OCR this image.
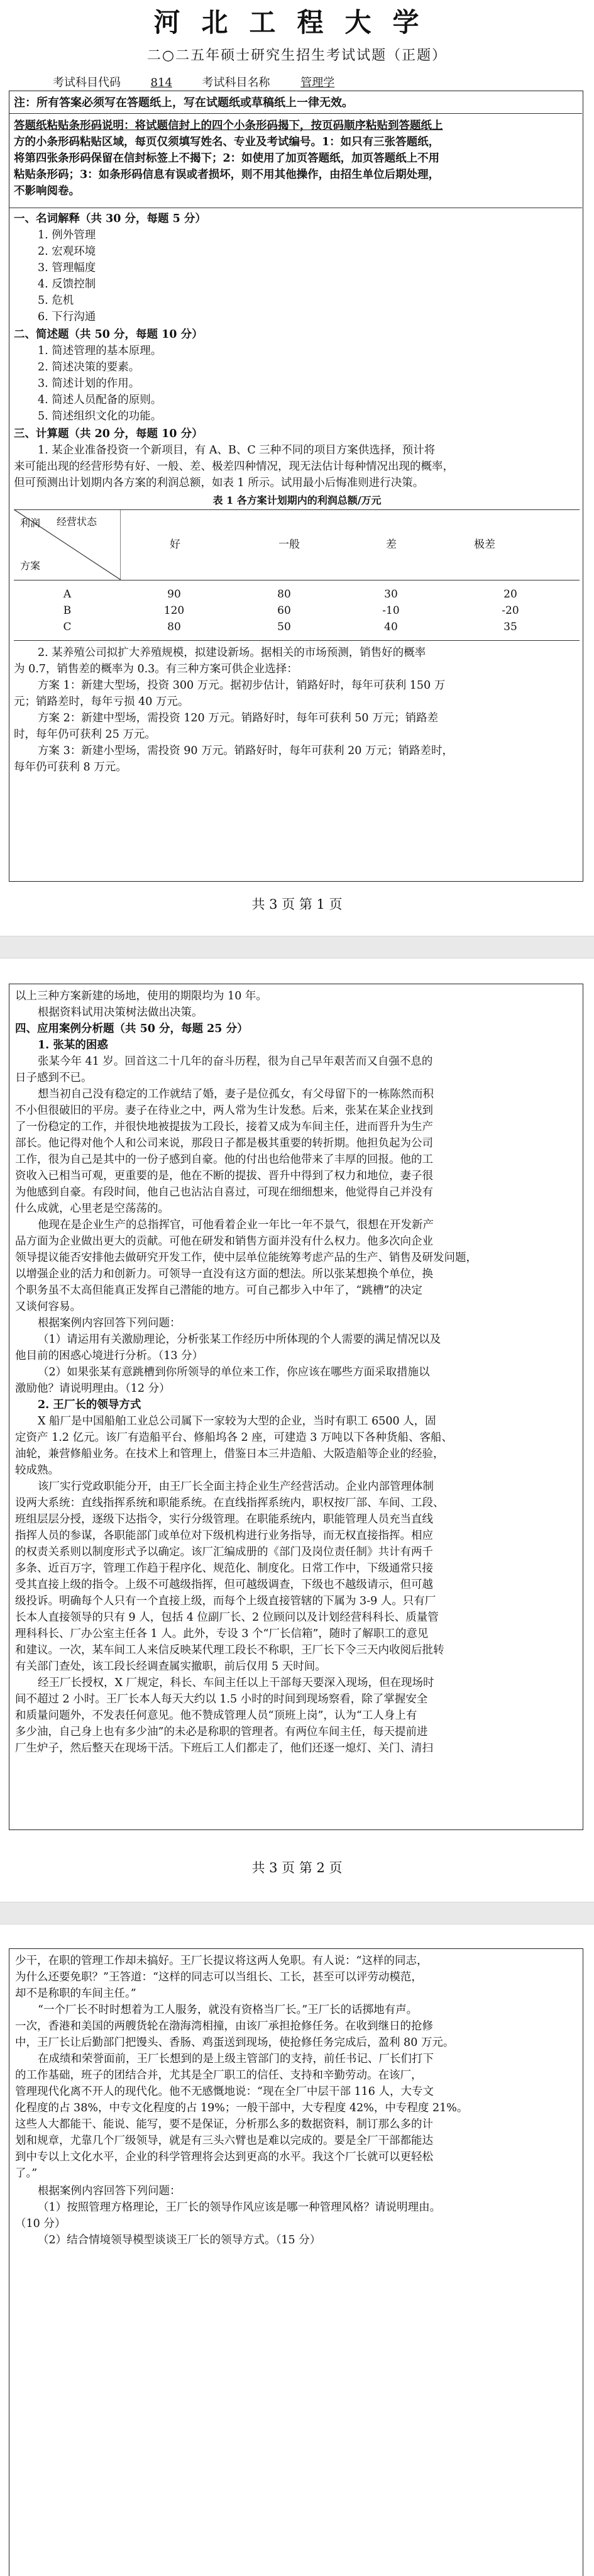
河北工程大学
二○二五年硕士研究生招生考试试题（正题）
考试科目代码	814	考试科目名称	管理学
注：所有答案必须写在答题纸上，写在试题纸或草稿纸上一律无效。
答题纸粘贴条形码说明：将试题信封上的四个小条形码揭下，按页码顺序粘贴到答题纸上
方的小条形码粘贴区域，每页仅须填写姓名、专业及考试编号。1：如只有三张答题纸，
将第四张条形码保留在信封标签上不揭下；2：如使用了加页答题纸，加页答题纸上不用
粘贴条形码；3：如条形码信息有误或者损坏，则不用其他操作，由招生单位后期处理，
不影响阅卷。
一、名词解释（共 30 分，每题 5 分）
1. 例外管理
2. 宏观环境
3. 管理幅度
4. 反馈控制
5. 危机
6. 下行沟通
二、简述题（共 50 分，每题 10 分）
1. 简述管理的基本原理。
2. 简述决策的要素。
3. 简述计划的作用。
4. 简述人员配备的原则。
5. 简述组织文化的功能。
三、计算题（共 20 分，每题 10 分）
1. 某企业准备投资一个新项目，有 A、B、C 三种不同的项目方案供选择，预计将
来可能出现的经营形势有好、一般、差、极差四种情况，现无法估计每种情况出现的概率，
但可预测出计划期内各方案的利润总额，如表 1 所示。试用最小后悔准则进行决策。
表 1 各方案计划期内的利润总额/万元
经营状态
利润
方案
好	一般	差	极差
A	90	80	30	20
B	120	60	-10	-20
C	80	50	40	35
2. 某养殖公司拟扩大养殖规模，拟建设新场。据相关的市场预测，销售好的概率
为 0.7，销售差的概率为 0.3。有三种方案可供企业选择：
方案 1：新建大型场，投资 300 万元。据初步估计，销路好时，每年可获利 150 万
元；销路差时，每年亏损 40 万元。
方案 2：新建中型场，需投资 120 万元。销路好时，每年可获利 50 万元；销路差
时，每年仍可获利 25 万元。
方案 3：新建小型场，需投资 90 万元。销路好时，每年可获利 20 万元；销路差时，
每年仍可获利 8 万元。
共 3 页 第 1 页
以上三种方案新建的场地，使用的期限均为 10 年。
根据资料试用决策树法做出决策。
四、应用案例分析题（共 50 分，每题 25 分）
1. 张某的困惑
张某今年 41 岁。回首这二十几年的奋斗历程，很为自己早年艰苦而又自强不息的
日子感到不已。
想当初自己没有稳定的工作就结了婚，妻子是位孤女，有父母留下的一栋陈然而积
不小但很破旧的平房。妻子在待业之中，两人常为生计发愁。后来，张某在某企业找到
了一份稳定的工作，并很快地被提拔为工段长，接着又成为车间主任，进而晋升为生产
部长。他记得对他个人和公司来说，那段日子都是极其重要的转折期。他担负起为公司
工作，很为自己是其中的一份子感到自豪。他的付出也给他带来了丰厚的回报。他的工
资收入已相当可观，更重要的是，他在不断的提拔、晋升中得到了权力和地位，妻子很
为他感到自豪。有段时间，他自己也沾沾自喜过，可现在细细想来，他觉得自己并没有
什么成就，心里老是空荡荡的。
他现在是企业生产的总指挥官，可他看着企业一年比一年不景气，很想在开发新产
品方面为企业做出更大的贡献。可他在研发和销售方面并没有什么权力。他多次向企业
领导提议能否安排他去做研究开发工作，使中层单位能统筹考虑产品的生产、销售及研发问题，
以增强企业的活力和创新力。可领导一直没有这方面的想法。所以张某想换个单位，换
个职务虽不太高但能真正发挥自己潜能的地方。可自己都步入中年了，“跳槽”的决定
又谈何容易。
根据案例内容回答下列问题：
（1）请运用有关激励理论，分析张某工作经历中所体现的个人需要的满足情况以及
他目前的困惑心境进行分析。（13 分）
（2）如果张某有意跳槽到你所领导的单位来工作，你应该在哪些方面采取措施以
激励他？请说明理由。（12 分）
2. 王厂长的领导方式
X 船厂是中国船舶工业总公司属下一家较为大型的企业，当时有职工 6500 人，固
定资产 1.2 亿元。该厂有造船平台、修船坞各 2 座，可建造 3 万吨以下各种货船、客船、
油轮，兼营修船业务。在技术上和管理上，借鉴日本三井造船、大阪造船等企业的经验，
较成熟。
该厂实行党政职能分开，由王厂长全面主持企业生产经营活动。企业内部管理体制
设两大系统：直线指挥系统和职能系统。在直线指挥系统内，职权按厂部、车间、工段、
班组层层分授，逐级下达指令，实行分级管理。在职能系统内，职能管理人员充当直线
指挥人员的参谋，各职能部门或单位对下级机构进行业务指导，而无权直接指挥。相应
的权责关系则以制度形式予以确定。该厂汇编成册的《部门及岗位责任制》共计有两千
多条、近百万字，管理工作趋于程序化、规范化、制度化。日常工作中，下级通常只接
受其直接上级的指令。上级不可越级指挥，但可越级调查，下级也不越级请示，但可越
级投诉。明确每个人只有一个直接上级，而每个上级直接管辖的下属为 3-9 人。只有厂
长本人直接领导的只有 9 人，包括 4 位副厂长、2 位顾问以及计划经营科科长、质量管
理科科长、厂办公室主任各 1 人。此外，专设 3 个“厂长信箱”，随时了解职工的意见
和建议。一次，某车间工人来信反映某代理工段长不称职，王厂长下令三天内收阅后批转
有关部门查处，该工段长经调查属实撤职，前后仅用 5 天时间。
经王厂长授权，X 厂规定，科长、车间主任以上干部每天要深入现场，但在现场时
间不超过 2 小时。王厂长本人每天大约以 1.5 小时的时间到现场察看，除了掌握安全
和质量问题外，不发表任何意见。他不赞成管理人员“顶班上岗”，认为“工人身上有
多少油，自己身上也有多少油”的未必是称职的管理者。有两位车间主任，每天提前进
厂生炉子，然后整天在现场干活。下班后工人们都走了，他们还逐一熄灯、关门、清扫
共 3 页 第 2 页
少干，在职的管理工作却未搞好。王厂长提议将这两人免职。有人说：“这样的同志，
为什么还要免职？”王答道：“这样的同志可以当组长、工长，甚至可以评劳动模范，
却不是称职的车间主任。”
“一个厂长不时时想着为工人服务，就没有资格当厂长。”王厂长的话掷地有声。
一次，香港和美国的两艘货轮在渤海湾相撞，由该厂承担抢修任务。在收到继日的抢修
中，王厂长让后勤部门把馒头、香肠、鸡蛋送到现场，使抢修任务完成后，盈利 80 万元。
在成绩和荣誉面前，王厂长想到的是上级主管部门的支持，前任书记、厂长们打下
的工作基础，班子的团结合并，尤其是全厂职工的信任、支持和辛勤劳动。在该厂，
管理现代化离不开人的现代化。他不无感慨地说：“现在全厂中层干部 116 人，大专文
化程度的占 38%，中专文化程度的占 19%；一般干部中，大专程度 42%，中专程度 21%。
这些人大都能干、能说、能写，要不是保证，分析那么多的数据资料，制订那么多的计
划和规章，尤靠几个厂级领导，就是有三头六臂也是难以完成的。要是全厂干部都能达
到中专以上文化水平，企业的科学管理将会达到更高的水平。我这个厂长就可以更轻松
了。”
根据案例内容回答下列问题：
（1）按照管理方格理论，王厂长的领导作风应该是哪一种管理风格？请说明理由。
（10 分）
（2）结合情境领导模型谈谈王厂长的领导方式。（15 分）
